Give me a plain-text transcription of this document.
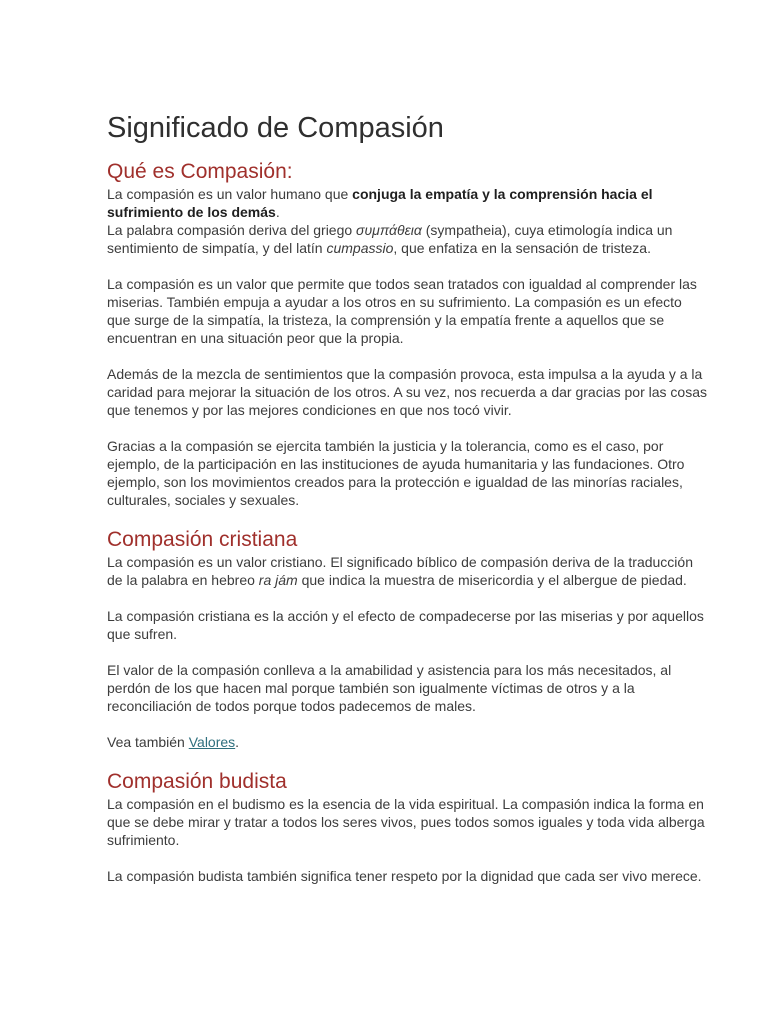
Significado de Compasión
Qué es Compasión:

La compasión es un valor humano que conjuga la empatía y la comprensión hacia el sufrimiento de los demás.

La palabra compasión deriva del griego συμπάθεια (sympatheia), cuya etimología indica un sentimiento de simpatía, y del latín cumpassio, que enfatiza en la sensación de tristeza.

La compasión es un valor que permite que todos sean tratados con igualdad al comprender las miserias. También empuja a ayudar a los otros en su sufrimiento. La compasión es un efecto que surge de la simpatía, la tristeza, la comprensión y la empatía frente a aquellos que se encuentran en una situación peor que la propia.

Además de la mezcla de sentimientos que la compasión provoca, esta impulsa a la ayuda y a la caridad para mejorar la situación de los otros. A su vez, nos recuerda a dar gracias por las cosas que tenemos y por las mejores condiciones en que nos tocó vivir.

Gracias a la compasión se ejercita también la justicia y la tolerancia, como es el caso, por ejemplo, de la participación en las instituciones de ayuda humanitaria y las fundaciones. Otro ejemplo, son los movimientos creados para la protección e igualdad de las minorías raciales, culturales, sociales y sexuales.

Compasión cristiana

La compasión es un valor cristiano. El significado bíblico de compasión deriva de la traducción de la palabra en hebreo ra jám que indica la muestra de misericordia y el albergue de piedad.

La compasión cristiana es la acción y el efecto de compadecerse por las miserias y por aquellos que sufren.

El valor de la compasión conlleva a la amabilidad y asistencia para los más necesitados, al perdón de los que hacen mal porque también son igualmente víctimas de otros y a la reconciliación de todos porque todos padecemos de males.

Vea también Valores.

Compasión budista

La compasión en el budismo es la esencia de la vida espiritual. La compasión indica la forma en que se debe mirar y tratar a todos los seres vivos, pues todos somos iguales y toda vida alberga sufrimiento.

La compasión budista también significa tener respeto por la dignidad que cada ser vivo merece.
